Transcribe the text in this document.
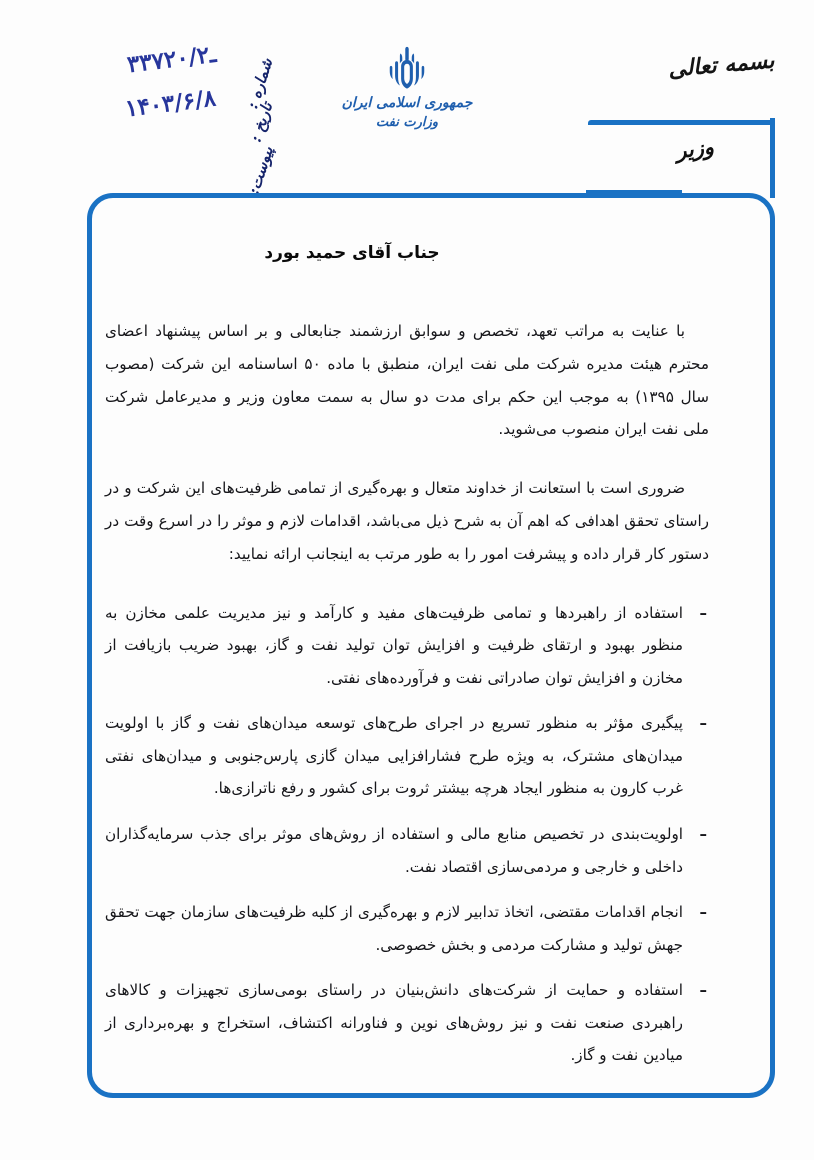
بسمه تعالی
وزیر
جمهوری اسلامی ایران
وزارت نفت
شماره :
۳۳۷ـ۲۰/۲
تاریخ :
۱۴۰۳/۶/۸
پیوست:
جناب آقای حمید بورد

با عنایت به مراتب تعهد، تخصص و سوابق ارزشمند جنابعالی و بر اساس پیشنهاد اعضای محترم هیئت مدیره شرکت ملی نفت ایران، منطبق با ماده ۵۰ اساسنامه این شرکت (مصوب سال ۱۳۹۵) به موجب این حکم برای مدت دو سال به سمت معاون وزیر و مدیرعامل شرکت ملی نفت ایران منصوب می‌شوید.

ضروری است با استعانت از خداوند متعال و بهره‌گیری از تمامی ظرفیت‌های این شرکت و در راستای تحقق اهدافی که اهم آن به شرح ذیل می‌باشد، اقدامات لازم و موثر را در اسرع وقت در دستور کار قرار داده و پیشرفت امور را به طور مرتب به اینجانب ارائه نمایید:

– استفاده از راهبردها و تمامی ظرفیت‌های مفید و کارآمد و نیز مدیریت علمی مخازن به منظور بهبود و ارتقای ظرفیت و افزایش توان تولید نفت و گاز، بهبود ضریب بازیافت از مخازن و افزایش توان صادراتی نفت و فرآورده‌های نفتی.
– پیگیری مؤثر به منظور تسریع در اجرای طرح‌های توسعه میدان‌های نفت و گاز با اولویت میدان‌های مشترک، به ویژه طرح فشارافزایی میدان گازی پارس‌جنوبی و میدان‌های نفتی غرب کارون به منظور ایجاد هرچه بیشتر ثروت برای کشور و رفع ناترازی‌ها.
– اولویت‌بندی در تخصیص منابع مالی و استفاده از روش‌های موثر برای جذب سرمایه‌گذاران داخلی و خارجی و مردمی‌سازی اقتصاد نفت.
– انجام اقدامات مقتضی، اتخاذ تدابیر لازم و بهره‌گیری از کلیه ظرفیت‌های سازمان جهت تحقق جهش تولید و مشارکت مردمی و بخش خصوصی.
– استفاده و حمایت از شرکت‌های دانش‌بنیان در راستای بومی‌سازی تجهیزات و کالاهای راهبردی صنعت نفت و نیز روش‌های نوین و فناورانه اکتشاف، استخراج و بهره‌برداری از میادین نفت و گاز.
